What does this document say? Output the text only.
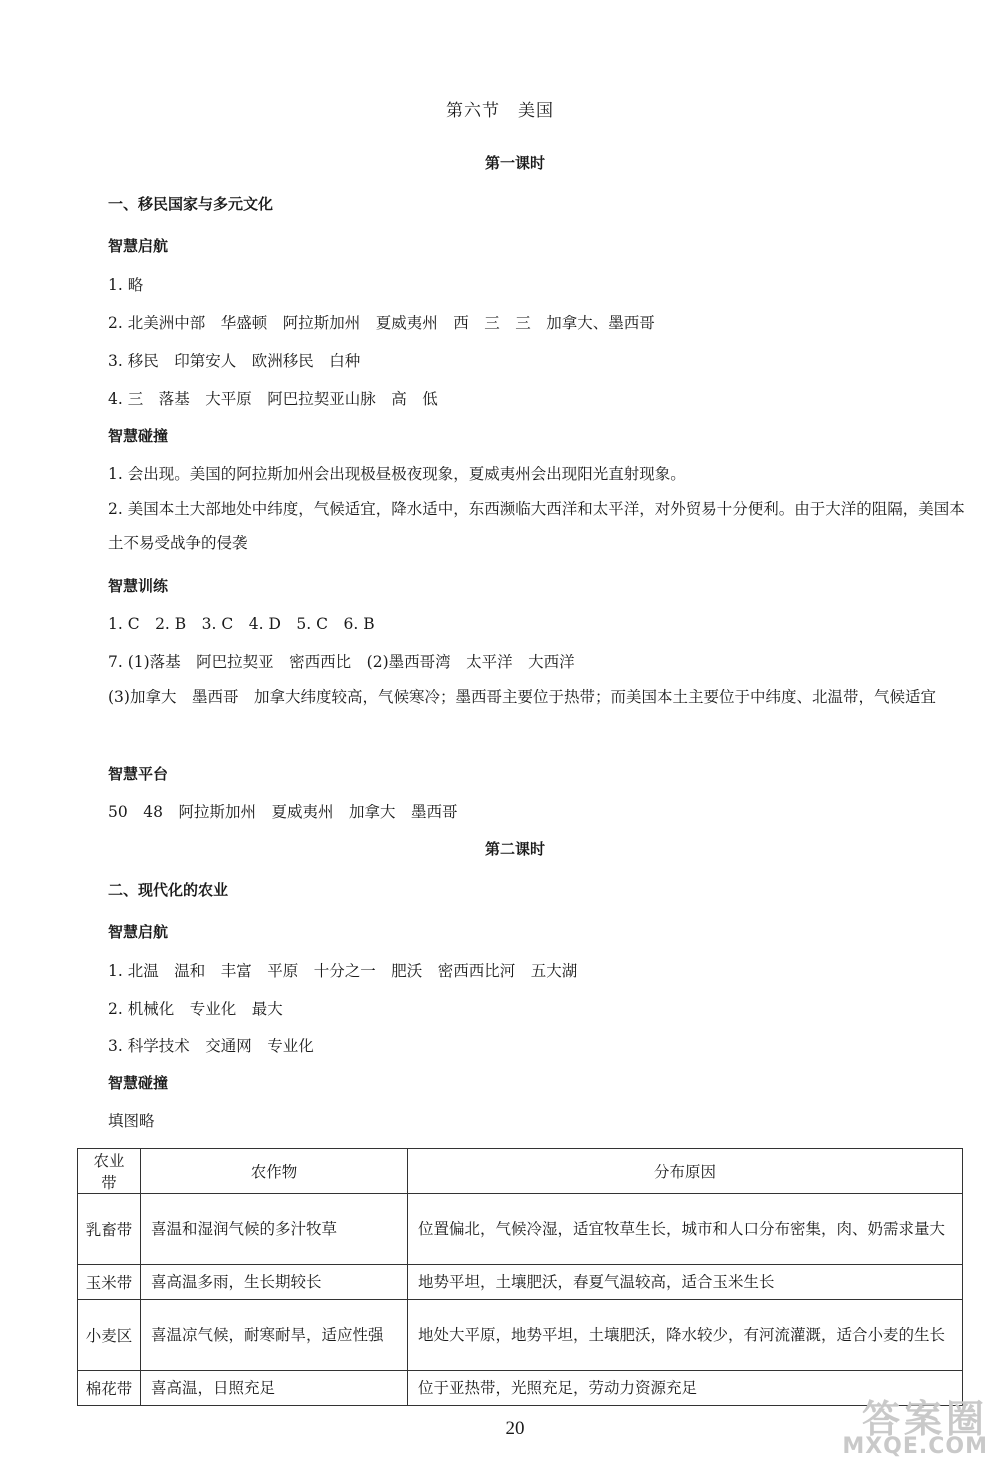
第六节　美国
第一课时
一、移民国家与多元文化
智慧启航
1. 略
2. 北美洲中部　华盛顿　阿拉斯加州　夏威夷州　西　三　三　加拿大、墨西哥
3. 移民　印第安人　欧洲移民　白种
4. 三　落基　大平原　阿巴拉契亚山脉　高　低
智慧碰撞
1. 会出现。美国的阿拉斯加州会出现极昼极夜现象，夏威夷州会出现阳光直射现象。
2. 美国本土大部地处中纬度，气候适宜，降水适中，东西濒临大西洋和太平洋，对外贸易十分便利。由于大洋的阻隔，美国本土不易受战争的侵袭
智慧训练
1. C　2. B　3. C　4. D　5. C　6. B
7. (1)落基　阿巴拉契亚　密西西比　(2)墨西哥湾　太平洋　大西洋
(3)加拿大　墨西哥　加拿大纬度较高，气候寒冷；墨西哥主要位于热带；而美国本土主要位于中纬度、北温带，气候适宜
智慧平台
50　48　阿拉斯加州　夏威夷州　加拿大　墨西哥
第二课时
二、现代化的农业
智慧启航
1. 北温　温和　丰富　平原　十分之一　肥沃　密西西比河　五大湖
2. 机械化　专业化　最大
3. 科学技术　交通网　专业化
智慧碰撞
填图略
农业带	农作物	分布原因
乳畜带	喜温和湿润气候的多汁牧草	位置偏北，气候冷湿，适宜牧草生长，城市和人口分布密集，肉、奶需求量大
玉米带	喜高温多雨，生长期较长	地势平坦，土壤肥沃，春夏气温较高，适合玉米生长
小麦区	喜温凉气候，耐寒耐旱，适应性强	地处大平原，地势平坦，土壤肥沃，降水较少，有河流灌溉，适合小麦的生长
棉花带	喜高温，日照充足	位于亚热带，光照充足，劳动力资源充足
20	答案圈
MXQE.COM
